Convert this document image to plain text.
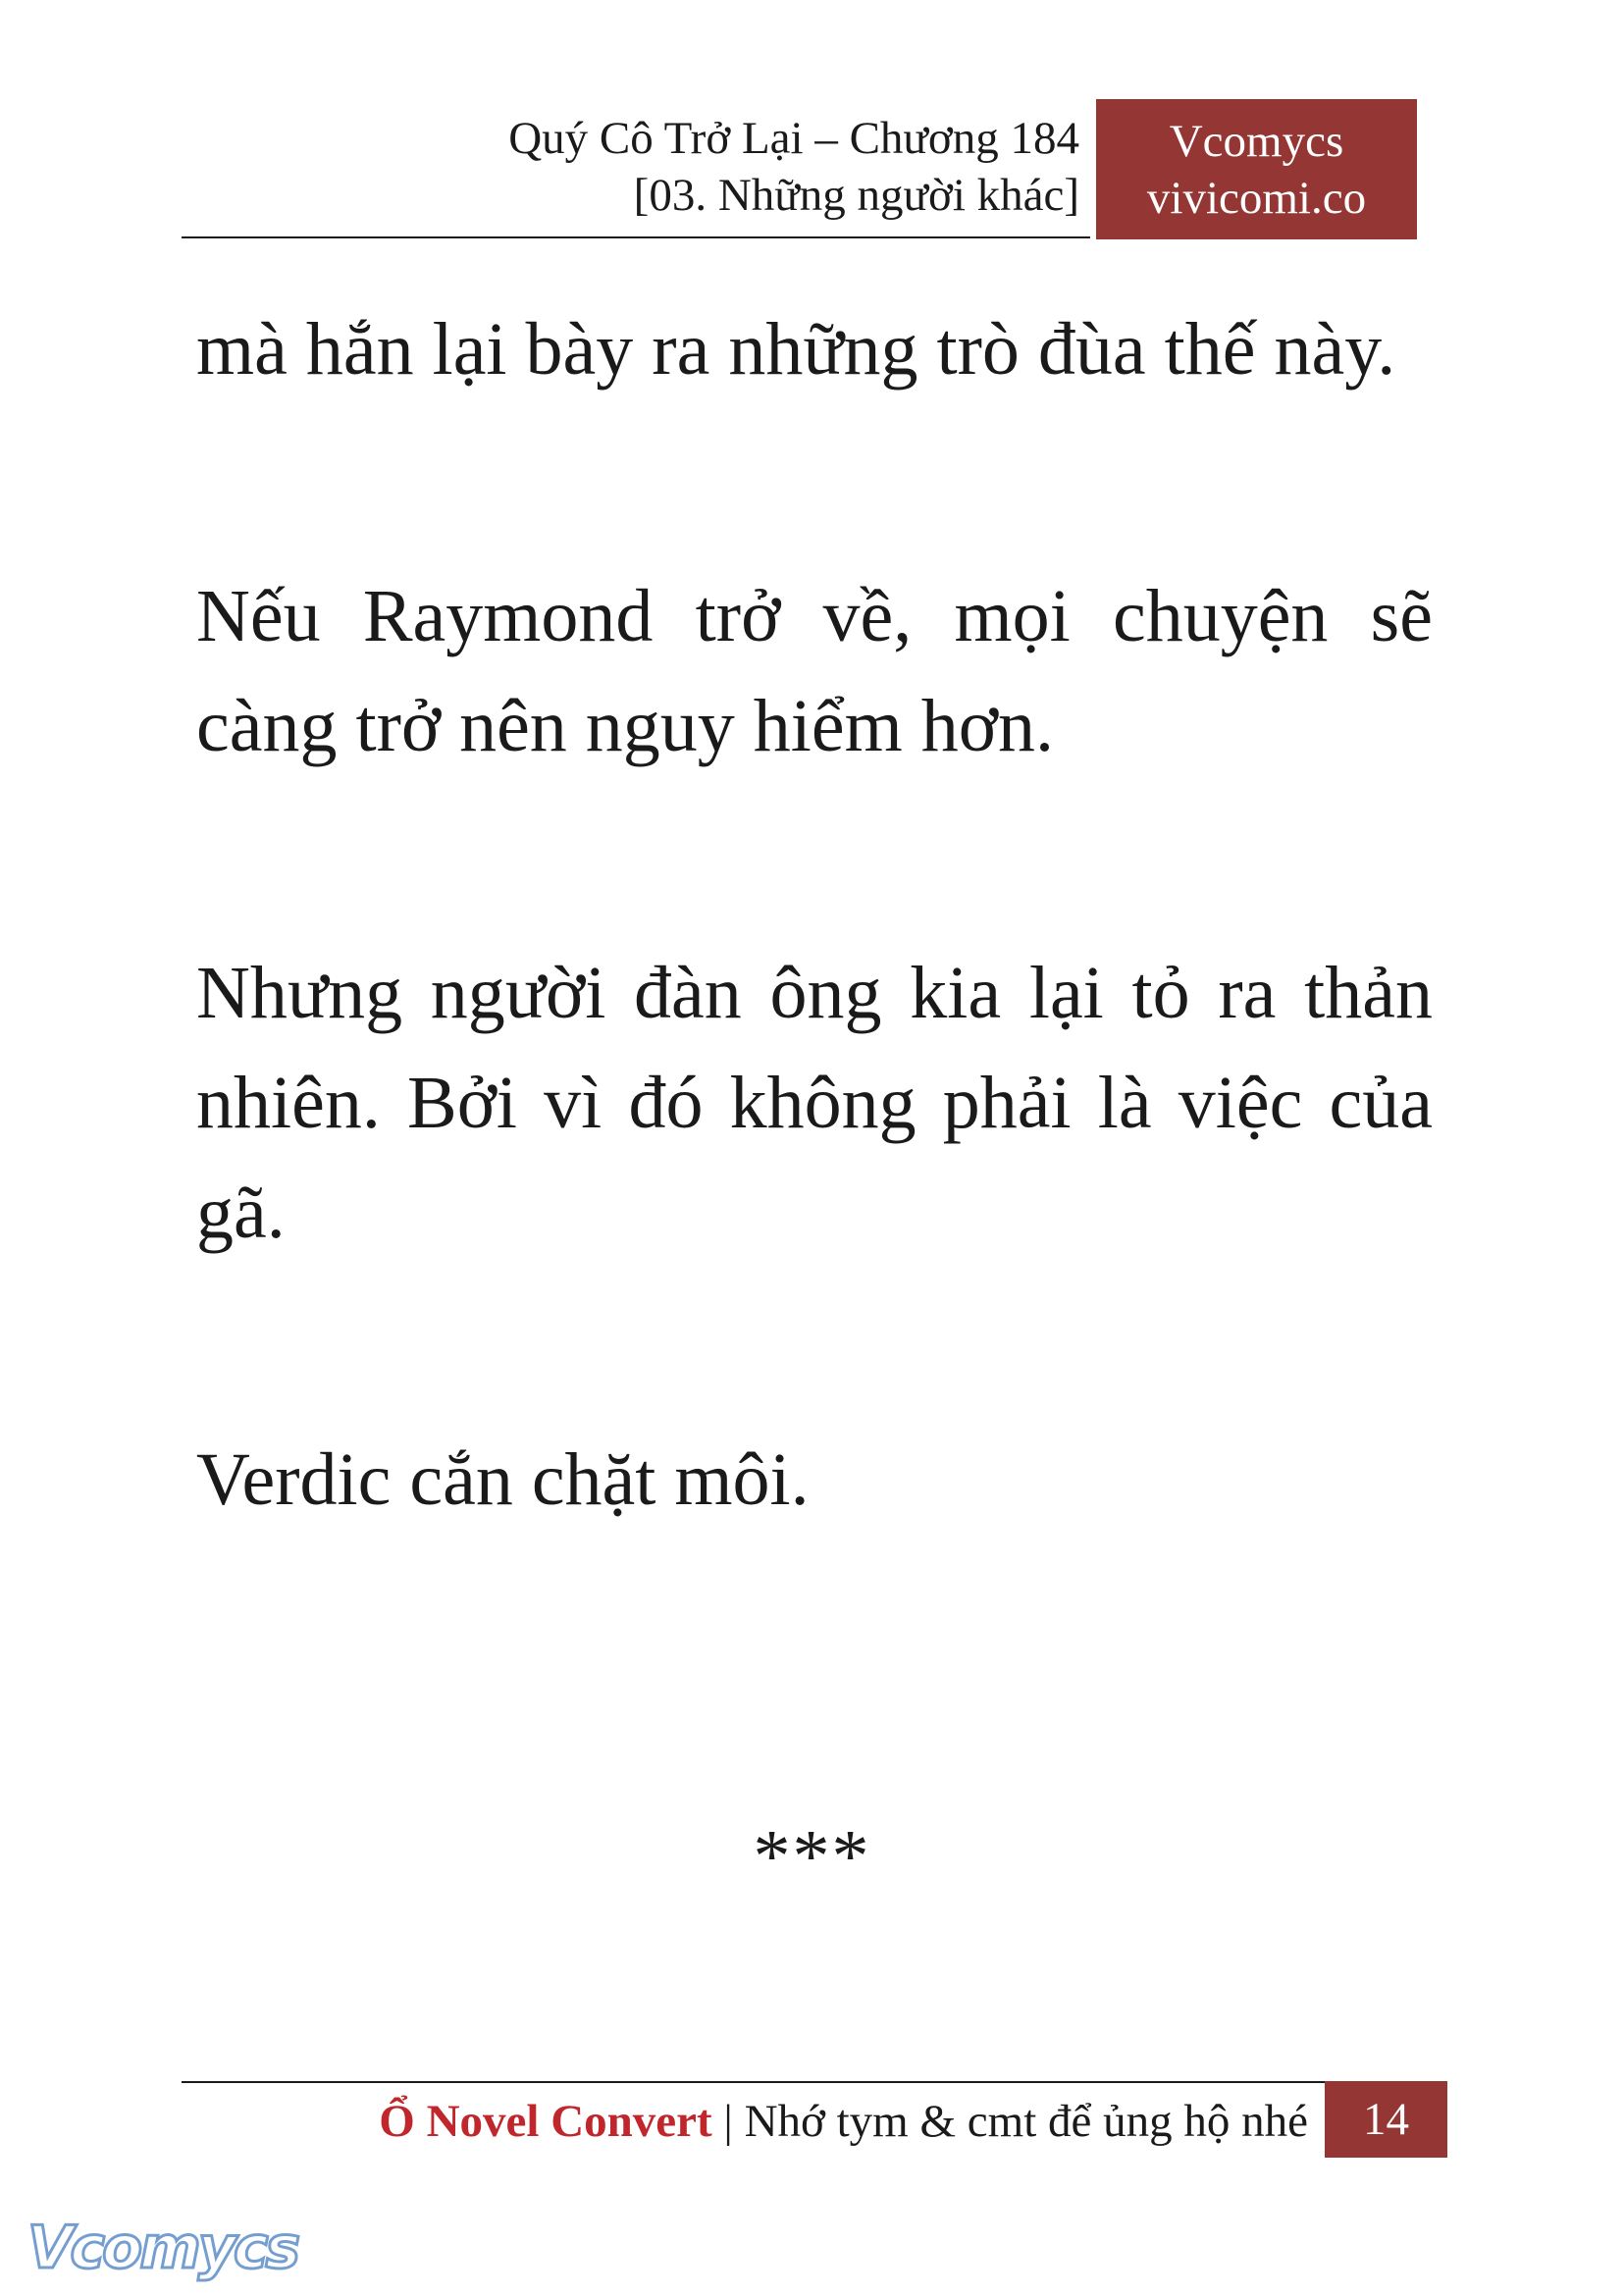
Quý Cô Trở Lại – Chương 184
[03. Những người khác]
Vcomycs
vivicomi.co

mà hắn lại bày ra những trò đùa thế này.

Nếu Raymond trở về, mọi chuyện sẽ càng trở nên nguy hiểm hơn.

Nhưng người đàn ông kia lại tỏ ra thản nhiên. Bởi vì đó không phải là việc của gã.

Verdic cắn chặt môi.

***
Ổ Novel Convert | Nhớ tym & cmt để ủng hộ nhé	14
Vcomycs
